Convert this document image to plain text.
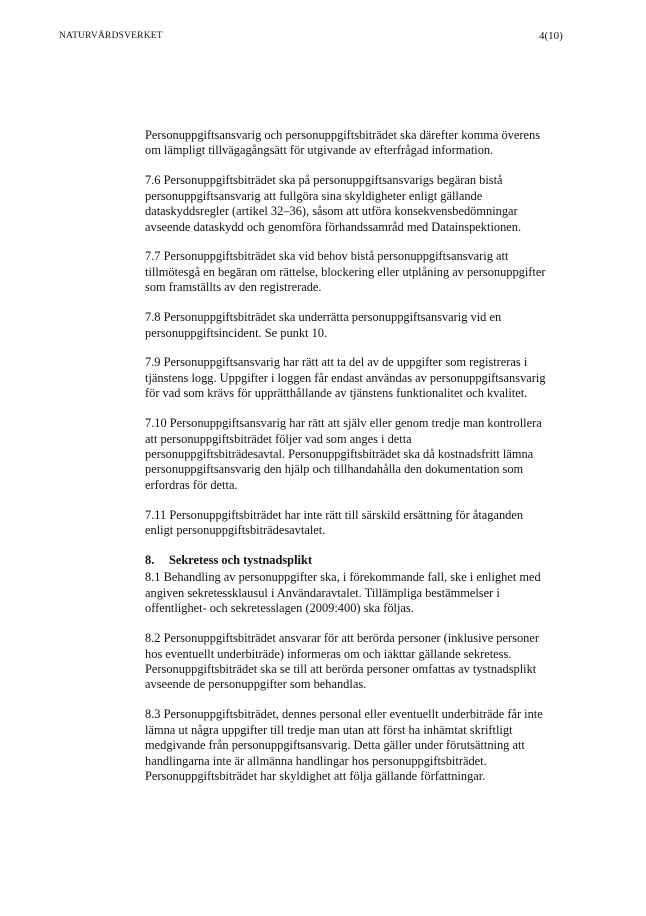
NATURVÅRDSVERKET	4(10)
Personuppgiftsansvarig och personuppgiftsbiträdet ska därefter komma överens
om lämpligt tillvägagångsätt för utgivande av efterfrågad information.
7.6 Personuppgiftsbiträdet ska på personuppgiftsansvarigs begäran bistå
personuppgiftsansvarig att fullgöra sina skyldigheter enligt gällande
dataskyddsregler (artikel 32–36), såsom att utföra konsekvensbedömningar
avseende dataskydd och genomföra förhandssamråd med Datainspektionen.
7.7 Personuppgiftsbiträdet ska vid behov bistå personuppgiftsansvarig att
tillmötesgå en begäran om rättelse, blockering eller utplåning av personuppgifter
som framställts av den registrerade.
7.8 Personuppgiftsbiträdet ska underrätta personuppgiftsansvarig vid en
personuppgiftsincident. Se punkt 10.
7.9 Personuppgiftsansvarig har rätt att ta del av de uppgifter som registreras i
tjänstens logg. Uppgifter i loggen får endast användas av personuppgiftsansvarig
för vad som krävs för upprätthållande av tjänstens funktionalitet och kvalitet.
7.10 Personuppgiftsansvarig har rätt att själv eller genom tredje man kontrollera
att personuppgiftsbiträdet följer vad som anges i detta
personuppgiftsbiträdesavtal. Personuppgiftsbiträdet ska då kostnadsfritt lämna
personuppgiftsansvarig den hjälp och tillhandahålla den dokumentation som
erfordras för detta.
7.11 Personuppgiftsbiträdet har inte rätt till särskild ersättning för åtaganden
enligt personuppgiftsbiträdesavtalet.
8.	Sekretess och tystnadsplikt
8.1 Behandling av personuppgifter ska, i förekommande fall, ske i enlighet med
angiven sekretessklausul i Användaravtalet. Tillämpliga bestämmelser i
offentlighet- och sekretesslagen (2009:400) ska följas.
8.2 Personuppgiftsbiträdet ansvarar för att berörda personer (inklusive personer
hos eventuellt underbiträde) informeras om och iakttar gällande sekretess.
Personuppgiftsbiträdet ska se till att berörda personer omfattas av tystnadsplikt
avseende de personuppgifter som behandlas.
8.3 Personuppgiftsbiträdet, dennes personal eller eventuellt underbiträde får inte
lämna ut några uppgifter till tredje man utan att först ha inhämtat skriftligt
medgivande från personuppgiftsansvarig. Detta gäller under förutsättning att
handlingarna inte är allmänna handlingar hos personuppgiftsbiträdet.
Personuppgiftsbiträdet har skyldighet att följa gällande författningar.
